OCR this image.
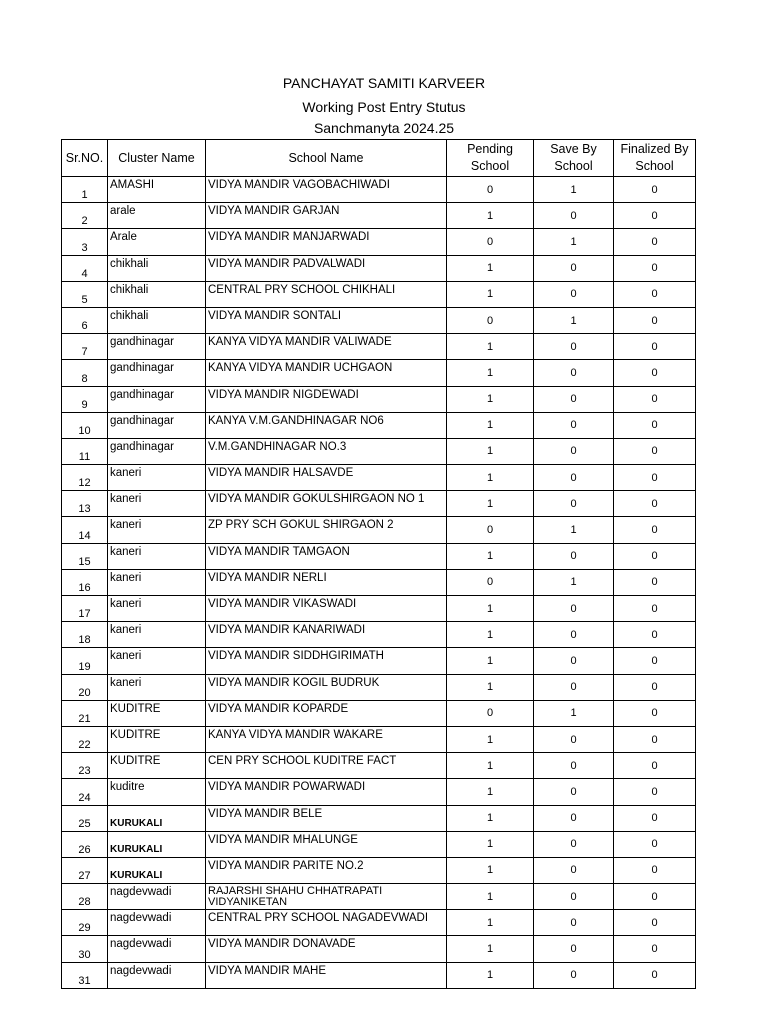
PANCHAYAT SAMITI KARVEER
Working Post Entry Stutus
Sanchmanyta 2024.25
Sr.NO.	Cluster Name	School Name	Pending School	Save By School	Finalized By School
1	AMASHI	VIDYA MANDIR VAGOBACHIWADI	0	1	0
2	arale	VIDYA MANDIR GARJAN	1	0	0
3	Arale	VIDYA MANDIR MANJARWADI	0	1	0
4	chikhali	VIDYA MANDIR PADVALWADI	1	0	0
5	chikhali	CENTRAL PRY SCHOOL CHIKHALI	1	0	0
6	chikhali	VIDYA MANDIR SONTALI	0	1	0
7	gandhinagar	KANYA VIDYA MANDIR VALIWADE	1	0	0
8	gandhinagar	KANYA VIDYA MANDIR UCHGAON	1	0	0
9	gandhinagar	VIDYA MANDIR NIGDEWADI	1	0	0
10	gandhinagar	KANYA V.M.GANDHINAGAR NO6	1	0	0
11	gandhinagar	V.M.GANDHINAGAR NO.3	1	0	0
12	kaneri	VIDYA MANDIR HALSAVDE	1	0	0
13	kaneri	VIDYA MANDIR GOKULSHIRGAON NO 1	1	0	0
14	kaneri	ZP PRY SCH GOKUL SHIRGAON 2	0	1	0
15	kaneri	VIDYA MANDIR TAMGAON	1	0	0
16	kaneri	VIDYA MANDIR NERLI	0	1	0
17	kaneri	VIDYA MANDIR VIKASWADI	1	0	0
18	kaneri	VIDYA MANDIR KANARIWADI	1	0	0
19	kaneri	VIDYA MANDIR SIDDHGIRIMATH	1	0	0
20	kaneri	VIDYA MANDIR KOGIL BUDRUK	1	0	0
21	KUDITRE	VIDYA MANDIR KOPARDE	0	1	0
22	KUDITRE	KANYA VIDYA MANDIR WAKARE	1	0	0
23	KUDITRE	CEN PRY SCHOOL KUDITRE FACT	1	0	0
24	kuditre	VIDYA MANDIR POWARWADI	1	0	0
25	KURUKALI	VIDYA MANDIR BELE	1	0	0
26	KURUKALI	VIDYA MANDIR MHALUNGE	1	0	0
27	KURUKALI	VIDYA MANDIR PARITE NO.2	1	0	0
28	nagdevwadi	RAJARSHI SHAHU CHHATRAPATI VIDYANIKETAN	1	0	0
29	nagdevwadi	CENTRAL PRY SCHOOL NAGADEVWADI	1	0	0
30	nagdevwadi	VIDYA MANDIR DONAVADE	1	0	0
31	nagdevwadi	VIDYA MANDIR MAHE	1	0	0
